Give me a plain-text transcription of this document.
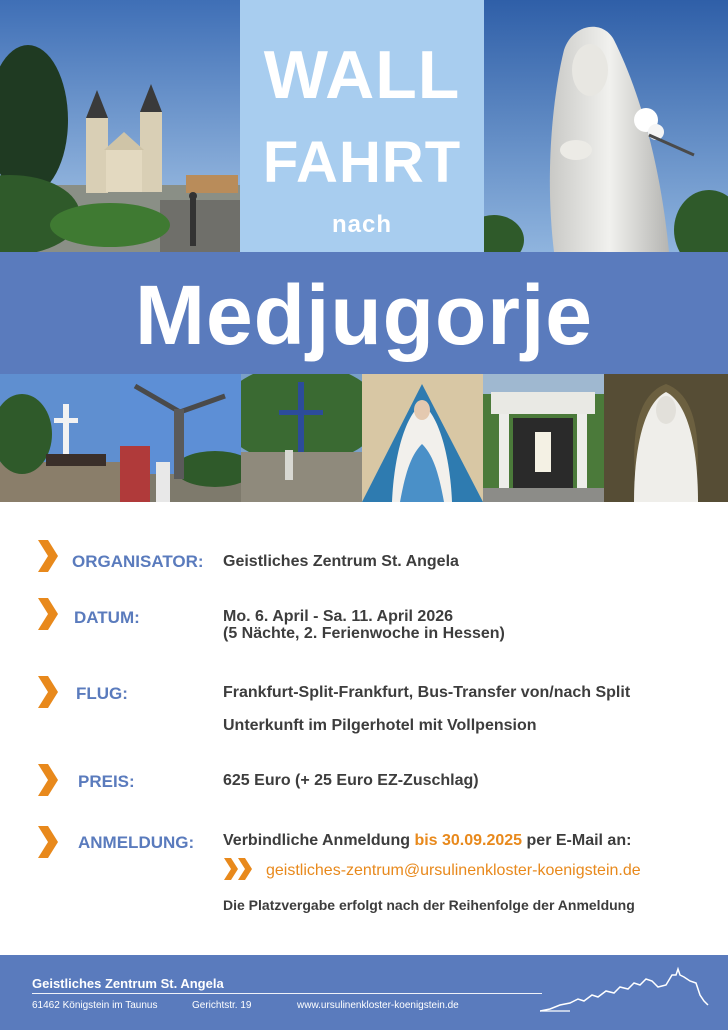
WALL
FAHRT
nach
Medjugorje
ORGANISATOR: Geistliches Zentrum St. Angela
DATUM:	Mo. 6. April - Sa. 11. April 2026
(5 Nächte, 2. Ferienwoche in Hessen)
FLUG:	Frankfurt-Split-Frankfurt, Bus-Transfer von/nach Split
Unterkunft im Pilgerhotel mit Vollpension
PREIS:	625 Euro (+ 25 Euro EZ-Zuschlag)
ANMELDUNG: Verbindliche Anmeldung bis 30.09.2025 per E-Mail an:
geistliches-zentrum@ursulinenkloster-koenigstein.de
Die Platzvergabe erfolgt nach der Reihenfolge der Anmeldung
Geistliches Zentrum St. Angela
61462 Königstein im Taunus	Gerichtstr. 19	www.ursulinenkloster-koenigstein.de
